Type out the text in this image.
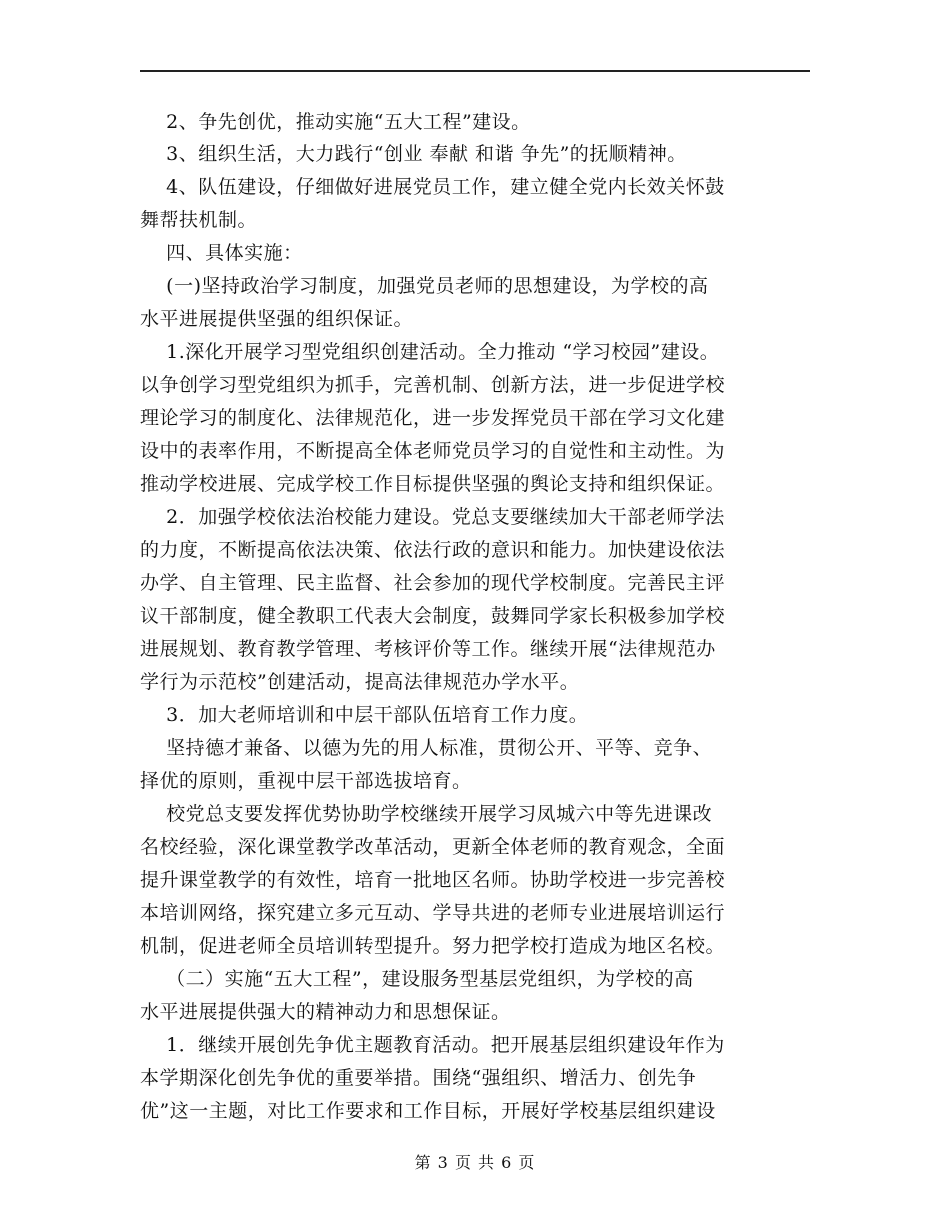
2、争先创优，推动实施“五大工程”建设。
3、组织生活，大力践行“创业 奉献 和谐 争先”的抚顺精神。
4、队伍建设，仔细做好进展党员工作，建立健全党内长效关怀鼓
舞帮扶机制。
四、具体实施：
(一)坚持政治学习制度，加强党员老师的思想建设，为学校的高
水平进展提供坚强的组织保证。
1.深化开展学习型党组织创建活动。全力推动 “学习校园”建设。
以争创学习型党组织为抓手，完善机制、创新方法，进一步促进学校
理论学习的制度化、法律规范化，进一步发挥党员干部在学习文化建
设中的表率作用，不断提高全体老师党员学习的自觉性和主动性。为
推动学校进展、完成学校工作目标提供坚强的舆论支持和组织保证。
2．加强学校依法治校能力建设。党总支要继续加大干部老师学法
的力度，不断提高依法决策、依法行政的意识和能力。加快建设依法
办学、自主管理、民主监督、社会参加的现代学校制度。完善民主评
议干部制度，健全教职工代表大会制度，鼓舞同学家长积极参加学校
进展规划、教育教学管理、考核评价等工作。继续开展“法律规范办
学行为示范校”创建活动，提高法律规范办学水平。
3．加大老师培训和中层干部队伍培育工作力度。
坚持德才兼备、以德为先的用人标准，贯彻公开、平等、竞争、
择优的原则，重视中层干部选拔培育。
校党总支要发挥优势协助学校继续开展学习凤城六中等先进课改
名校经验，深化课堂教学改革活动，更新全体老师的教育观念，全面
提升课堂教学的有效性，培育一批地区名师。协助学校进一步完善校
本培训网络，探究建立多元互动、学导共进的老师专业进展培训运行
机制，促进老师全员培训转型提升。努力把学校打造成为地区名校。
（二）实施“五大工程”，建设服务型基层党组织，为学校的高
水平进展提供强大的精神动力和思想保证。
1．继续开展创先争优主题教育活动。把开展基层组织建设年作为
本学期深化创先争优的重要举措。围绕“强组织、增活力、创先争
优”这一主题，对比工作要求和工作目标，开展好学校基层组织建设
第 3 页 共 6 页
